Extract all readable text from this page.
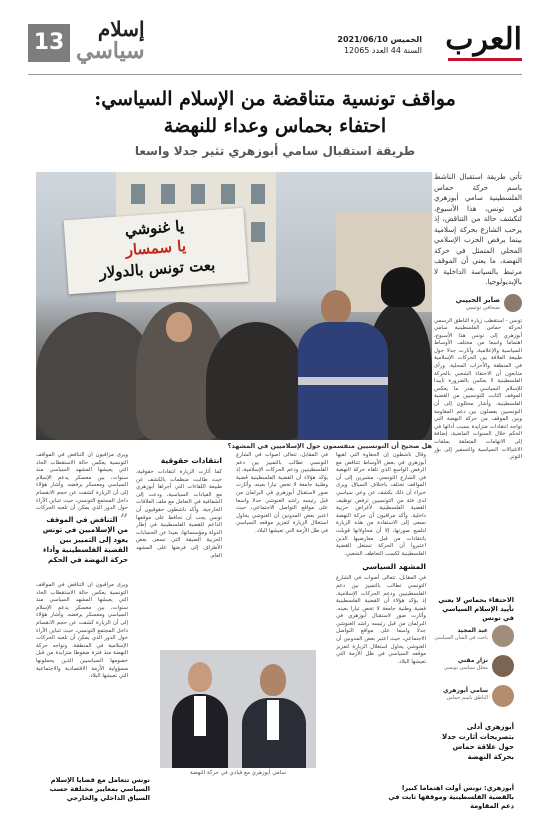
العرب
الخميس 2021/06/10
السنة 44 العدد 12065
إسلام
سياسي
13
مواقف تونسية متناقضة من الإسلام السياسي:
احتفاء بحماس وعداء للنهضة
طريقة استقبال سامي أبوزهري تثير جدلا واسعا
يا غنوشي
يا سمسار
بعت تونس بالدولار
هل صحيح أن التونسيين منقسمون حول الإسلاميين في المشهد؟

تأتي طريقة استقبال الناشط باسم حركة حماس الفلسطينية سامي أبوزهري في تونس، هذا الأسبوع، لتكشف حالة من التناقض، إذ يرحب الشارع بحركة إسلامية بينما يرفض الحزب الإسلامي المحلي المتمثل في حركة النهضة، ما يعني أن الموقف مرتبط بالسياسة الداخلية لا بالإيديولوجيا.

صابر الحبيبي
صحافي تونسي

تونس - استقطب زيارة الناطق الرسمي لحركة حماس الفلسطينية سامي أبوزهري إلى تونس هذا الأسبوع، اهتماما واسعا من مختلف الأوساط السياسية والإعلامية، وأثارت جدلا حول طبيعة العلاقة بين الحركات الإسلامية في المنطقة والأحزاب المحلية. ورأى متابعون أن الاحتفاء الشعبي بالحركة الفلسطينية لا يعكس بالضرورة تأييدا للإسلام السياسي بقدر ما يعكس الموقف الثابت للتونسيين من القضية الفلسطينية. وأشار محللون إلى أن التونسيين يفصلون بين دعم المقاومة وبين الموقف من حركة النهضة التي تواجه انتقادات متزايدة بسبب أدائها في الحكم خلال السنوات الماضية، إضافة إلى الاتهامات المتعلقة بملفات الاغتيالات السياسية والتسفير إلى بؤر التوتر.

وقال ناشطون إن الحفاوة التي لقيها أبوزهري في بعض الأوساط تتناقض مع الرفض الواسع الذي تلقاه حركة النهضة في الشارع التونسي، مشيرين إلى أن المواقف تختلف باختلاف السياق. ويرى خبراء أن ذلك يكشف عن وعي سياسي لدى فئة من التونسيين ترفض توظيف القضية الفلسطينية لأغراض حزبية داخلية. وأكد مراقبون أن حركة النهضة تسعى إلى الاستفادة من هذه الزيارة لتلميع صورتها، إلا أن محاولاتها قوبلت بانتقادات من قبل معارضيها الذين اعتبروا أن الحركة تستغل القضية الفلسطينية لكسب التعاطف الشعبي.
المشهد السياسي
في المقابل، تتعالى أصوات في الشارع التونسي تطالب بالتمييز بين دعم الفلسطينيين ودعم الحركات الإسلامية، إذ يؤكد هؤلاء أن القضية الفلسطينية قضية وطنية جامعة لا تخص تيارا بعينه. وأثارت صور لاستقبال أبوزهري في البرلمان من قبل رئيسه راشد الغنوشي جدلا واسعا على مواقع التواصل الاجتماعي، حيث اعتبر بعض المدونين أن الغنوشي يحاول استغلال الزيارة لتعزيز موقعه السياسي في ظل الأزمة التي تعيشها البلاد.
في المقابل، تتعالى أصوات في الشارع التونسي تطالب بالتمييز بين دعم الفلسطينيين ودعم الحركات الإسلامية، إذ يؤكد هؤلاء أن القضية الفلسطينية قضية وطنية جامعة لا تخص تيارا بعينه. وأثارت صور لاستقبال أبوزهري في البرلمان من قبل رئيسه راشد الغنوشي جدلا واسعا على مواقع التواصل الاجتماعي، حيث اعتبر بعض المدونين أن الغنوشي يحاول استغلال الزيارة لتعزيز موقعه السياسي في ظل الأزمة التي تعيشها البلاد.
انتقادات حقوقية
كما أثارت الزيارة انتقادات حقوقية، حيث طالبت منظمات بالكشف عن طبيعة اللقاءات التي أجراها أبوزهري مع القيادات السياسية، ودعت إلى الشفافية في التعامل مع ملف العلاقات الخارجية. وأكد ناشطون حقوقيون أن تونس يجب أن تحافظ على موقفها الداعم للقضية الفلسطينية في إطار الدولة ومؤسساتها، بعيدا عن الحسابات الحزبية الضيقة التي تسعى بعض الأطراف إلى فرضها على المشهد العام.
ويرى مراقبون أن التناقض في المواقف التونسية يعكس حالة الاستقطاب الحاد التي يعيشها المشهد السياسي منذ سنوات، بين معسكر يدعم الإسلام السياسي ومعسكر يرفضه. وأشار هؤلاء إلى أن الزيارة كشفت عن حجم الانقسام داخل المجتمع التونسي، حيث تتباين الآراء حول الدور الذي يمكن أن تلعبه الحركات
” التناقض في الموقف من الإسلاميين في تونس يعود إلى التمييز بين القضية الفلسطينية وأداء حركة النهضة في الحكم
ويرى مراقبون أن التناقض في المواقف التونسية يعكس حالة الاستقطاب الحاد التي يعيشها المشهد السياسي منذ سنوات، بين معسكر يدعم الإسلام السياسي ومعسكر يرفضه. وأشار هؤلاء إلى أن الزيارة كشفت عن حجم الانقسام داخل المجتمع التونسي، حيث تتباين الآراء حول الدور الذي يمكن أن تلعبه الحركات الإسلامية في المنطقة. وتواجه حركة النهضة منذ فترة ضغوطا متزايدة من قبل خصومها السياسيين الذين يحملونها مسؤولية الأزمة الاقتصادية والاجتماعية التي تعيشها البلاد.
الاحتفاء بحماس لا يعني تأييد الإسلام السياسي في تونس
عبد المجيد
باحث في الشأن السياسي
نزار مقني
محلل سياسي تونسي
سامي أبوزهري
الناطق باسم حماس
أبوزهري أدلى بتصريحات أثارت جدلا حول علاقة حماس بحركة النهضة
سامي أبوزهري مع قيادي في حركة النهضة
تونس تتعامل مع قضايا الإسلام السياسي بمعايير مختلفة حسب السياق الداخلي والخارجي
أبوزهري: تونس أولت اهتماما كبيرا بالقضية الفلسطينية وموقفها ثابت في دعم المقاومة
